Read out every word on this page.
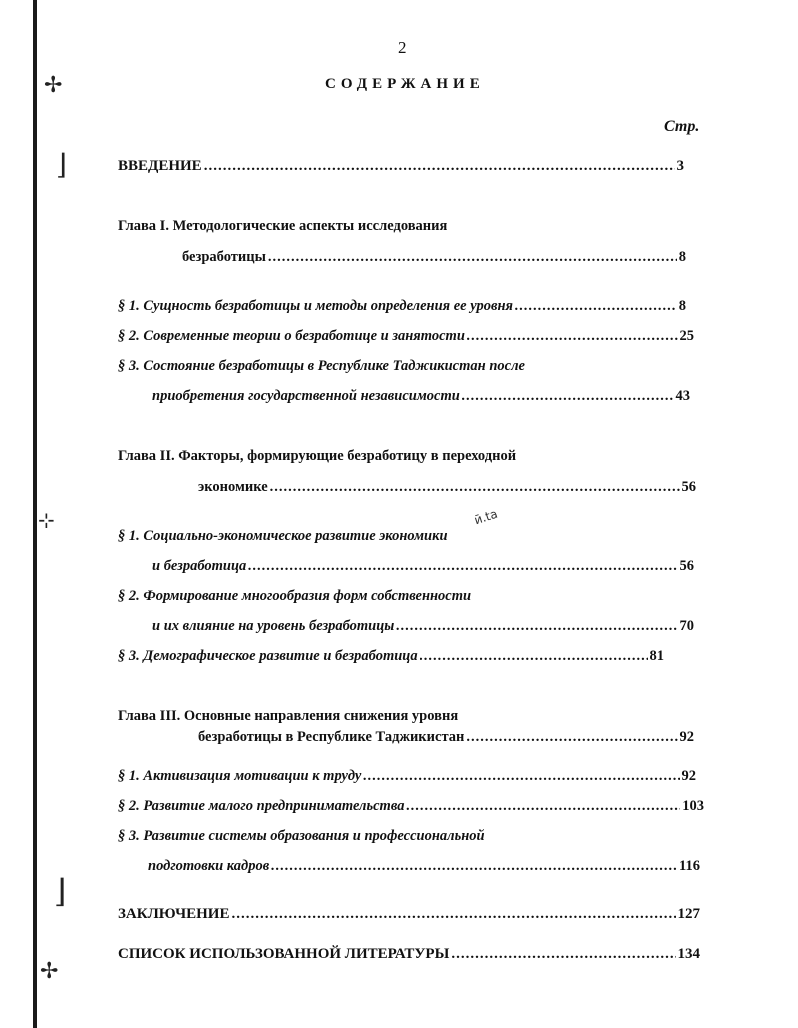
✢
⌋
⊹
⌋
✢
2
СОДЕРЖАНИЕ
Стр.
ВВЕДЕНИЕ .....	3
Глава I. Методологические аспекты исследования
безработицы .....	8
§ 1. Сущность безработицы и методы определения ее уровня .....	8
§ 2. Современные теории о безработице и занятости .....	25
§ 3. Состояние безработицы в Республике Таджикистан после
приобретения государственной независимости .....	43
Глава II. Факторы, формирующие безработицу в переходной
экономике .....	56
ӣ.ta
§ 1. Социально-экономическое развитие экономики
и безработица .....	56
§ 2. Формирование многообразия форм собственности
и их влияние на уровень безработицы .....	70
§ 3. Демографическое развитие и безработица .....	81
Глава III. Основные направления снижения уровня
безработицы в Республике Таджикистан .....	92
§ 1. Активизация мотивации к труду .....	92
§ 2. Развитие малого предпринимательства .....	103
§ 3. Развитие системы образования и профессиональной
подготовки кадров .....	116
ЗАКЛЮЧЕНИЕ .....	127
СПИСОК ИСПОЛЬЗОВАННОЙ ЛИТЕРАТУРЫ .....	134
